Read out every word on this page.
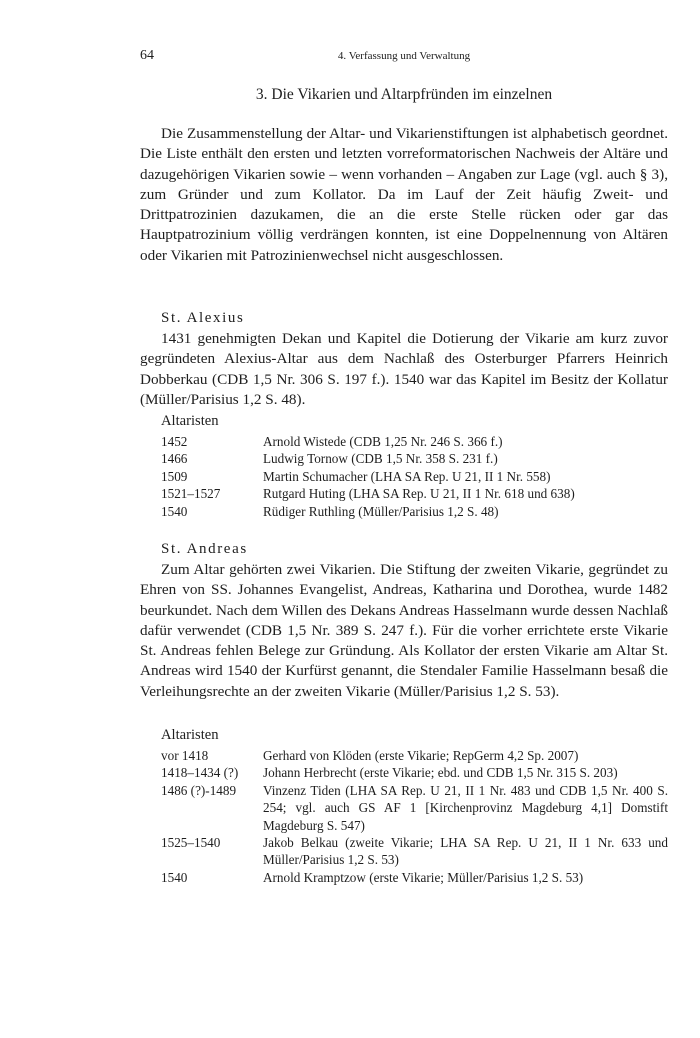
64	4. Verfassung und Verwaltung
3. Die Vikarien und Altarpfründen im einzelnen

Die Zusammenstellung der Altar- und Vikarienstiftungen ist alphabetisch geordnet. Die Liste enthält den ersten und letzten vorreformatorischen Nachweis der Altäre und dazugehörigen Vikarien sowie – wenn vorhanden – Angaben zur Lage (vgl. auch § 3), zum Gründer und zum Kollator. Da im Lauf der Zeit häufig Zweit- und Drittpatrozinien dazukamen, die an die erste Stelle rücken oder gar das Hauptpatrozinium völlig verdrängen konnten, ist eine Doppelnennung von Altären oder Vikarien mit Patrozinienwechsel nicht ausgeschlossen.

St. Alexius

1431 genehmigten Dekan und Kapitel die Dotierung der Vikarie am kurz zuvor gegründeten Alexius-Altar aus dem Nachlaß des Osterburger Pfarrers Heinrich Dobberkau (CDB 1,5 Nr. 306 S. 197 f.). 1540 war das Kapitel im Besitz der Kollatur (Müller/Parisius 1,2 S. 48).

Altaristen
1452	Arnold Wistede (CDB 1,25 Nr. 246 S. 366 f.)
1466	Ludwig Tornow (CDB 1,5 Nr. 358 S. 231 f.)
1509	Martin Schumacher (LHA SA Rep. U 21, II 1 Nr. 558)
1521–1527	Rutgard Huting (LHA SA Rep. U 21, II 1 Nr. 618 und 638)
1540	Rüdiger Ruthling (Müller/Parisius 1,2 S. 48)
St. Andreas

Zum Altar gehörten zwei Vikarien. Die Stiftung der zweiten Vikarie, gegründet zu Ehren von SS. Johannes Evangelist, Andreas, Katharina und Dorothea, wurde 1482 beurkundet. Nach dem Willen des Dekans Andreas Hasselmann wurde dessen Nachlaß dafür verwendet (CDB 1,5 Nr. 389 S. 247 f.). Für die vorher errichtete erste Vikarie St. Andreas fehlen Belege zur Gründung. Als Kollator der ersten Vikarie am Altar St. Andreas wird 1540 der Kurfürst genannt, die Stendaler Familie Hasselmann besaß die Verleihungsrechte an der zweiten Vikarie (Müller/Parisius 1,2 S. 53).

Altaristen
vor 1418	Gerhard von Klöden (erste Vikarie; RepGerm 4,2 Sp. 2007)
1418–1434 (?)	Johann Herbrecht (erste Vikarie; ebd. und CDB 1,5 Nr. 315 S. 203)
1486 (?)-1489	Vinzenz Tiden (LHA SA Rep. U 21, II 1 Nr. 483 und CDB 1,5 Nr. 400 S. 254; vgl. auch GS AF 1 [Kirchenprovinz Magdeburg 4,1] Domstift Magdeburg S. 547)
1525–1540	Jakob Belkau (zweite Vikarie; LHA SA Rep. U 21, II 1 Nr. 633 und Müller/Parisius 1,2 S. 53)
1540	Arnold Kramptzow (erste Vikarie; Müller/Parisius 1,2 S. 53)
